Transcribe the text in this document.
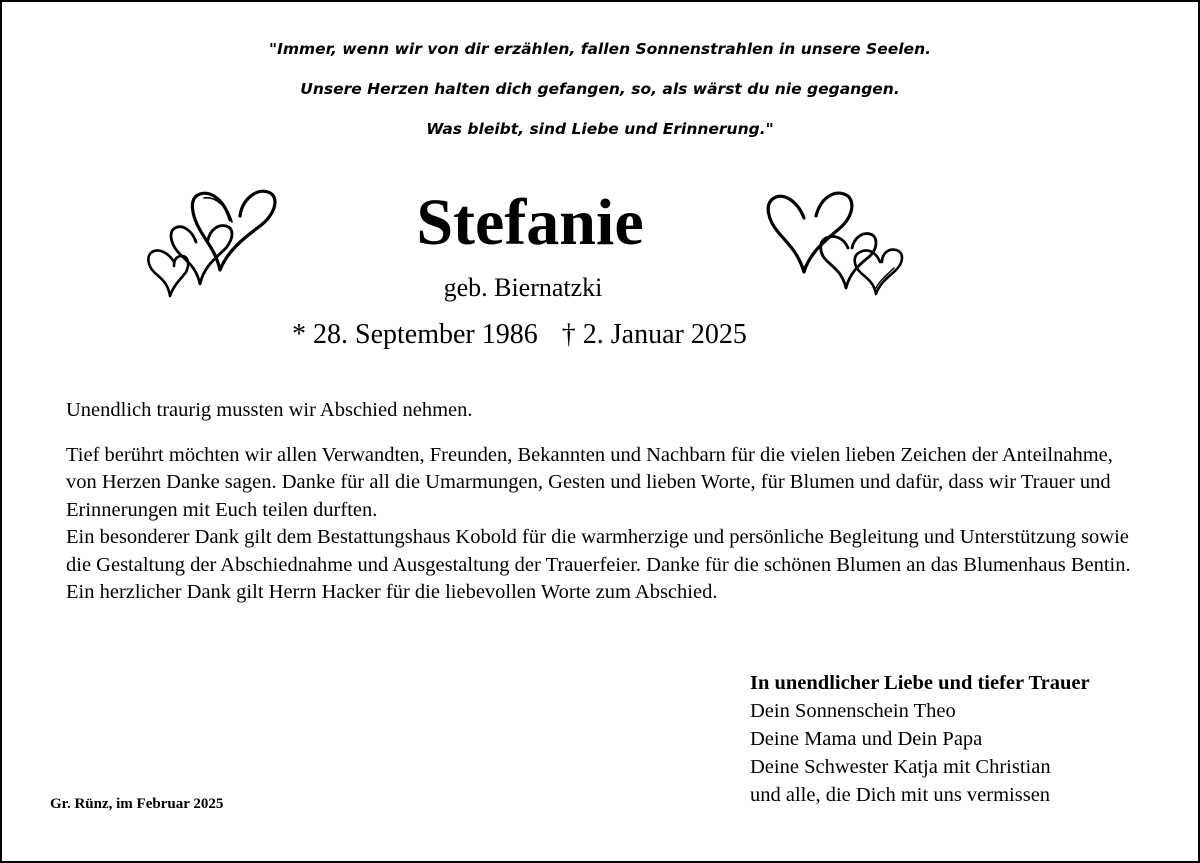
"Immer, wenn wir von dir erzählen, fallen Sonnenstrahlen in unsere Seelen.
Unsere Herzen halten dich gefangen, so, als wärst du nie gegangen.
Was bleibt, sind Liebe und Erinnerung."
Stefanie
geb. Biernatzki
* 28. September 1986 † 2. Januar 2025
Unendlich traurig mussten wir Abschied nehmen.

Tief berührt möchten wir allen Verwandten, Freunden, Bekannten und Nachbarn für die vielen lieben Zeichen der Anteilnahme, von Herzen Danke sagen. Danke für all die Umarmungen, Gesten und lieben Worte, für Blumen und dafür, dass wir Trauer und Erinnerungen mit Euch teilen durften.

Ein besonderer Dank gilt dem Bestattungshaus Kobold für die warmherzige und persönliche Begleitung und Unterstützung sowie die Gestaltung der Abschiednahme und Ausgestaltung der Trauerfeier. Danke für die schönen Blumen an das Blumenhaus Bentin. Ein herzlicher Dank gilt Herrn Hacker für die liebevollen Worte zum Abschied.

In unendlicher Liebe und tiefer Trauer
Dein Sonnenschein Theo
Deine Mama und Dein Papa
Deine Schwester Katja mit Christian
und alle, die Dich mit uns vermissen
Gr. Rünz, im Februar 2025
